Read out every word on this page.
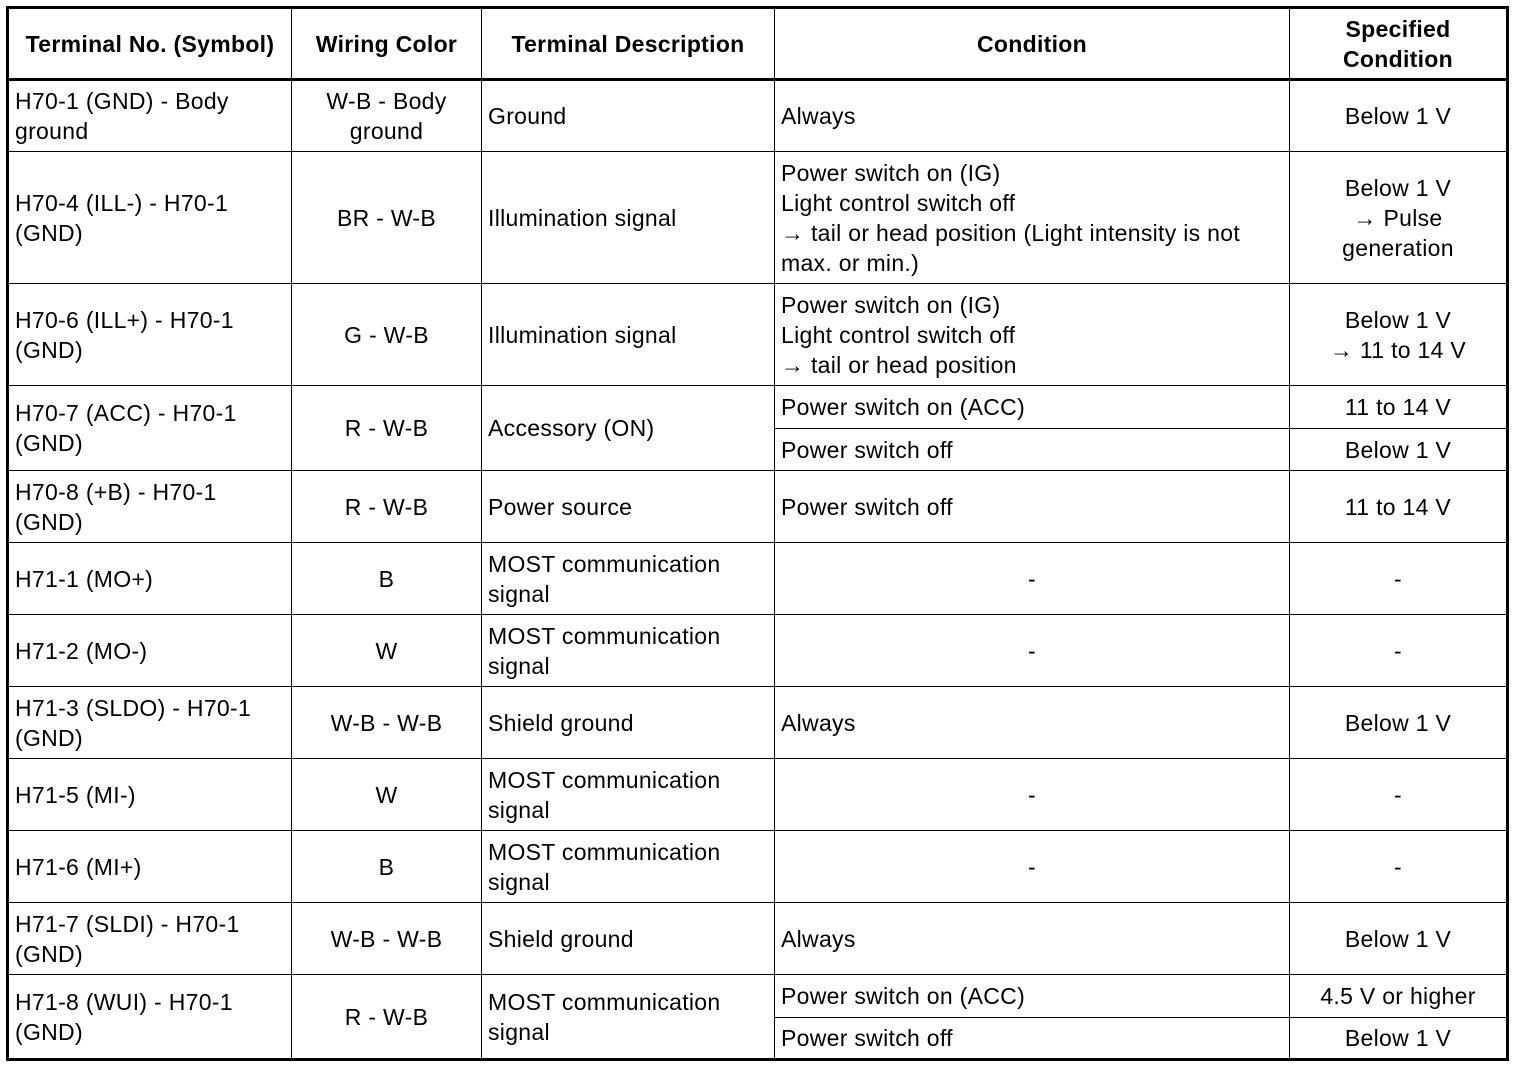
Terminal No. (Symbol)	Wiring Color	Terminal Description	Condition	Specified
Condition

H70-1 (GND) - Body
ground	W-B - Body
ground	Ground	Always	Below 1 V

H70-4 (ILL-) - H70-1
(GND)	BR - W-B	Illumination signal	Power switch on (IG)
Light control switch off
→ tail or head position (Light intensity is not
max. or min.)	Below 1 V
→ Pulse
generation

H70-6 (ILL+) - H70-1
(GND)	G - W-B	Illumination signal	Power switch on (IG)
Light control switch off
→ tail or head position	Below 1 V
→ 11 to 14 V

H70-7 (ACC) - H70-1
(GND)	R - W-B	Accessory (ON)	Power switch on (ACC)	11 to 14 V

			Power switch off	Below 1 V

H70-8 (+B) - H70-1
(GND)	R - W-B	Power source	Power switch off	11 to 14 V

H71-1 (MO+)	B	MOST communication
signal	-	-

H71-2 (MO-)	W	MOST communication
signal	-	-

H71-3 (SLDO) - H70-1
(GND)	W-B - W-B	Shield ground	Always	Below 1 V

H71-5 (MI-)	W	MOST communication
signal	-	-

H71-6 (MI+)	B	MOST communication
signal	-	-

H71-7 (SLDI) - H70-1
(GND)	W-B - W-B	Shield ground	Always	Below 1 V

H71-8 (WUI) - H70-1
(GND)	R - W-B	MOST communication
signal	Power switch on (ACC)	4.5 V or higher

			Power switch off	Below 1 V
